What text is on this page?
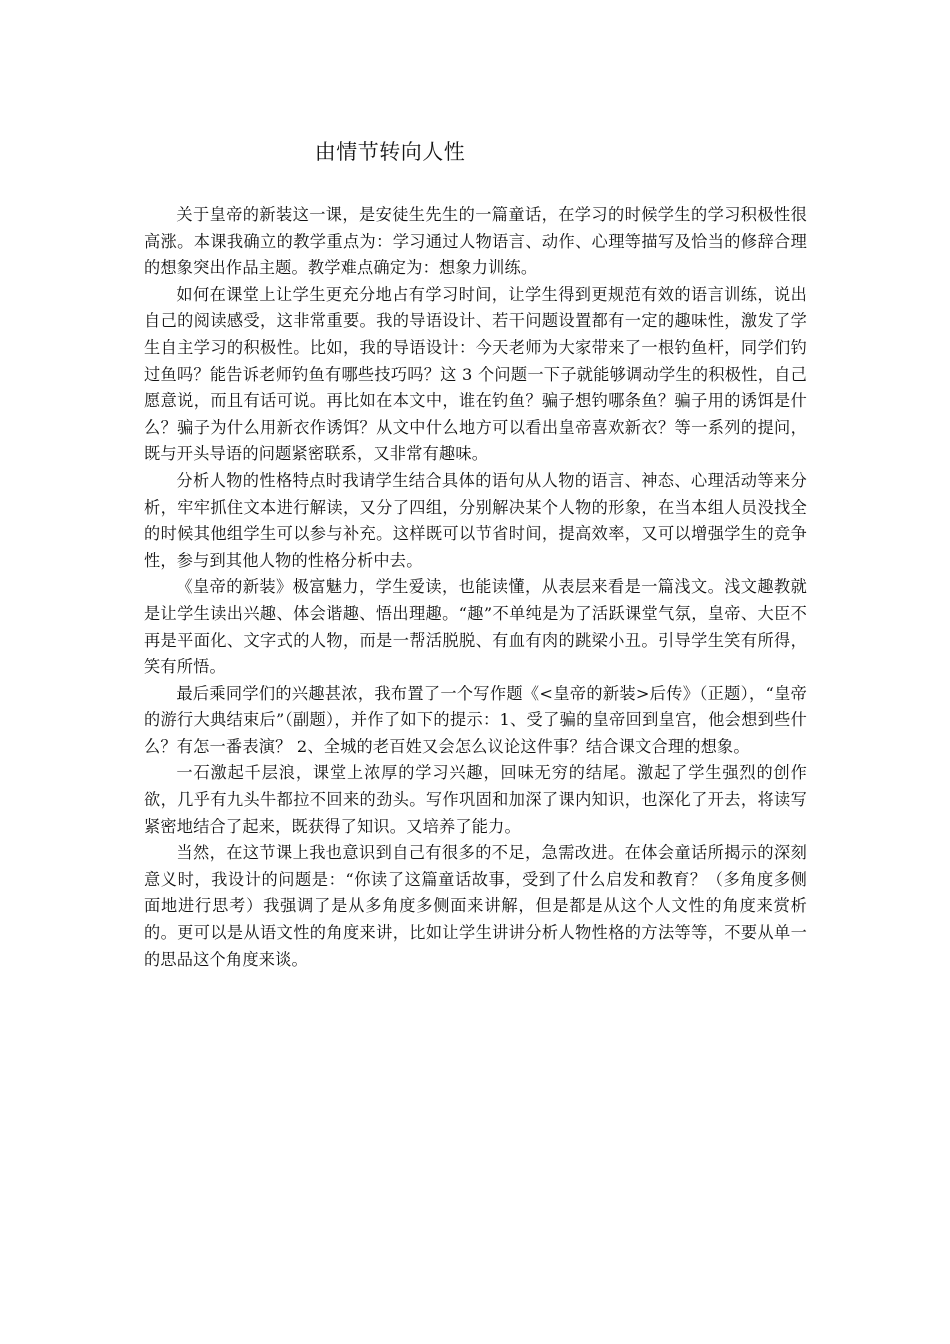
由情节转向人性

关于皇帝的新装这一课，是安徒生先生的一篇童话，在学习的时候学生的学习积极性很高涨。本课我确立的教学重点为：学习通过人物语言、动作、心理等描写及恰当的修辞合理的想象突出作品主题。教学难点确定为：想象力训练。

如何在课堂上让学生更充分地占有学习时间，让学生得到更规范有效的语言训练，说出自己的阅读感受，这非常重要。我的导语设计、若干问题设置都有一定的趣味性，激发了学生自主学习的积极性。比如，我的导语设计：今天老师为大家带来了一根钓鱼杆，同学们钓过鱼吗？能告诉老师钓鱼有哪些技巧吗？这 3 个问题一下子就能够调动学生的积极性，自己愿意说，而且有话可说。再比如在本文中，谁在钓鱼？骗子想钓哪条鱼？骗子用的诱饵是什么？骗子为什么用新衣作诱饵？从文中什么地方可以看出皇帝喜欢新衣？等一系列的提问，既与开头导语的问题紧密联系，又非常有趣味。

分析人物的性格特点时我请学生结合具体的语句从人物的语言、神态、心理活动等来分析，牢牢抓住文本进行解读，又分了四组，分别解决某个人物的形象，在当本组人员没找全的时候其他组学生可以参与补充。这样既可以节省时间，提高效率，又可以增强学生的竞争性，参与到其他人物的性格分析中去。

《皇帝的新装》极富魅力，学生爱读，也能读懂，从表层来看是一篇浅文。浅文趣教就是让学生读出兴趣、体会谐趣、悟出理趣。“趣”不单纯是为了活跃课堂气氛，皇帝、大臣不再是平面化、文字式的人物，而是一帮活脱脱、有血有肉的跳梁小丑。引导学生笑有所得，笑有所悟。

最后乘同学们的兴趣甚浓，我布置了一个写作题《<皇帝的新装>后传》（正题），“皇帝的游行大典结束后”（副题），并作了如下的提示：1、受了骗的皇帝回到皇宫，他会想到些什么？有怎一番表演？ 2、全城的老百姓又会怎么议论这件事？结合课文合理的想象。

一石激起千层浪，课堂上浓厚的学习兴趣，回味无穷的结尾。激起了学生强烈的创作欲，几乎有九头牛都拉不回来的劲头。写作巩固和加深了课内知识，也深化了开去，将读写紧密地结合了起来，既获得了知识。又培养了能力。

当然，在这节课上我也意识到自己有很多的不足，急需改进。在体会童话所揭示的深刻意义时，我设计的问题是：“你读了这篇童话故事，受到了什么启发和教育？（多角度多侧面地进行思考）我强调了是从多角度多侧面来讲解，但是都是从这个人文性的角度来赏析的。更可以是从语文性的角度来讲，比如让学生讲讲分析人物性格的方法等等，不要从单一的思品这个角度来谈。
